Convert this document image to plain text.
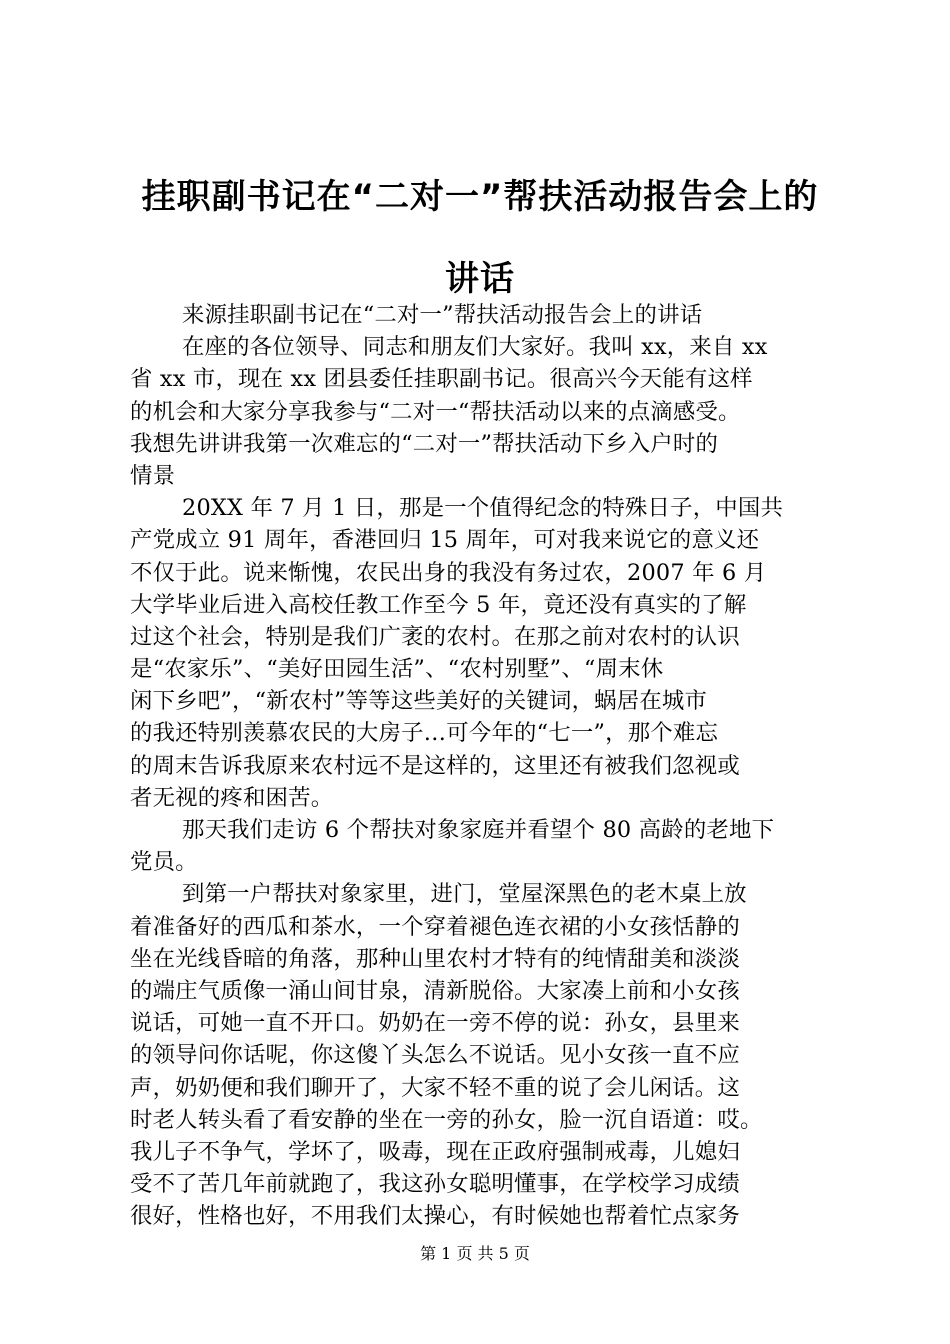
挂职副书记在“二对一”帮扶活动报告会上的
讲话
来源挂职副书记在“二对一”帮扶活动报告会上的讲话
在座的各位领导、同志和朋友们大家好。我叫 xx，来自 xx
省 xx 市，现在 xx 团县委任挂职副书记。很高兴今天能有这样
的机会和大家分享我参与“二对一“帮扶活动以来的点滴感受。
我想先讲讲我第一次难忘的“二对一”帮扶活动下乡入户时的
情景
20XX 年 7 月 1 日，那是一个值得纪念的特殊日子，中国共
产党成立 91 周年，香港回归 15 周年，可对我来说它的意义还
不仅于此。说来惭愧，农民出身的我没有务过农，2007 年 6 月
大学毕业后进入高校任教工作至今 5 年，竟还没有真实的了解
过这个社会，特别是我们广袤的农村。在那之前对农村的认识
是“农家乐”、“美好田园生活”、“农村别墅”、“周末休
闲下乡吧”，“新农村”等等这些美好的关键词，蜗居在城市
的我还特别羡慕农民的大房子…可今年的“七一”，那个难忘
的周末告诉我原来农村远不是这样的，这里还有被我们忽视或
者无视的疼和困苦。
那天我们走访 6 个帮扶对象家庭并看望个 80 高龄的老地下
党员。
到第一户帮扶对象家里，进门，堂屋深黑色的老木桌上放
着准备好的西瓜和茶水，一个穿着褪色连衣裙的小女孩恬静的
坐在光线昏暗的角落，那种山里农村才特有的纯情甜美和淡淡
的端庄气质像一涌山间甘泉，清新脱俗。大家凑上前和小女孩
说话，可她一直不开口。奶奶在一旁不停的说：孙女，县里来
的领导问你话呢，你这傻丫头怎么不说话。见小女孩一直不应
声，奶奶便和我们聊开了，大家不轻不重的说了会儿闲话。这
时老人转头看了看安静的坐在一旁的孙女，脸一沉自语道：哎。
我儿子不争气，学坏了，吸毒，现在正政府强制戒毒，儿媳妇
受不了苦几年前就跑了，我这孙女聪明懂事，在学校学习成绩
很好，性格也好，不用我们太操心，有时候她也帮着忙点家务
第 1 页 共 5 页
